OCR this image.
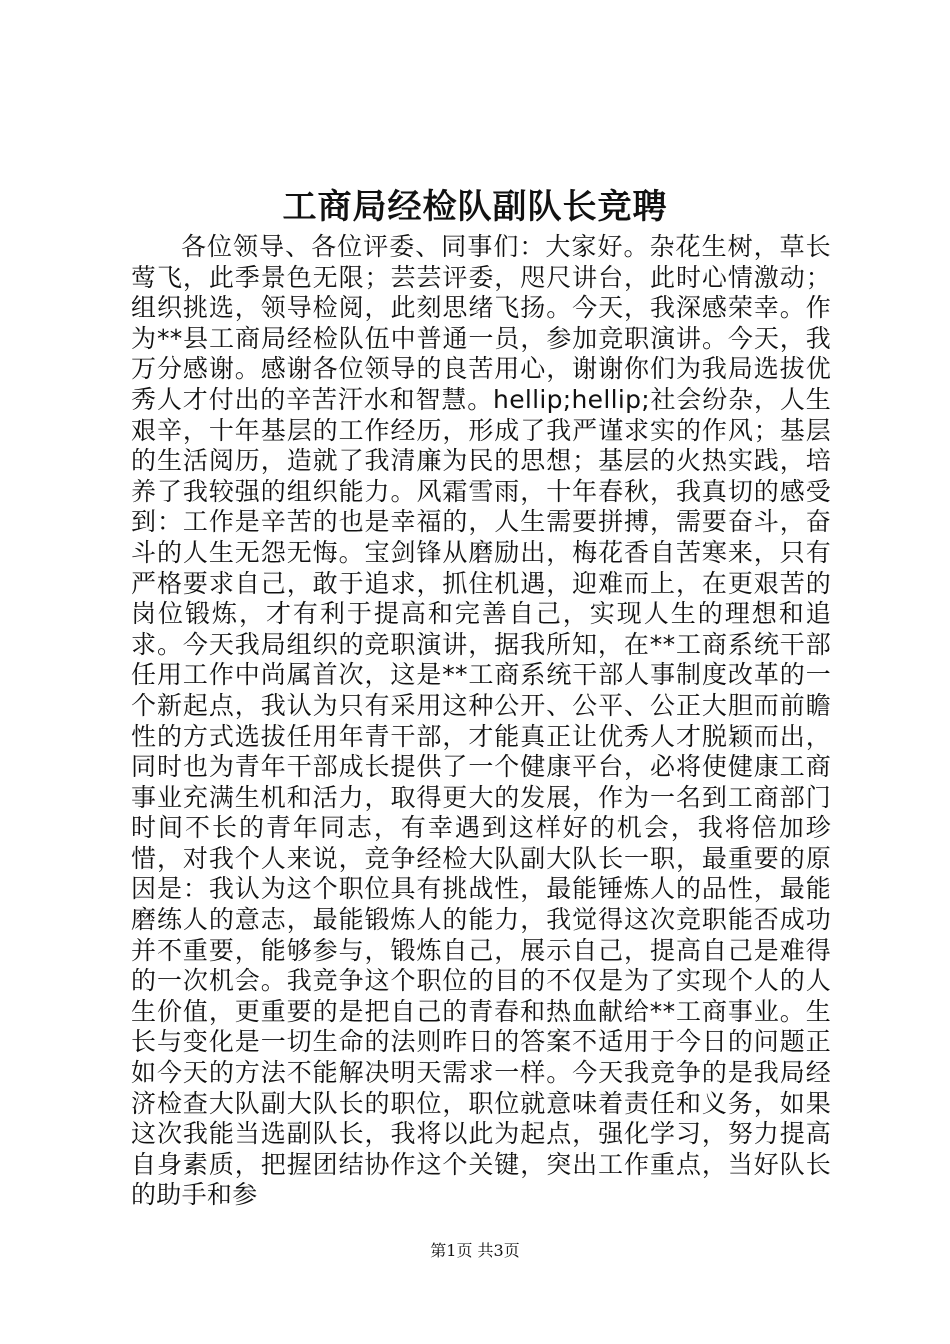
工商局经检队副队长竞聘
各位领导、各位评委、同事们：大家好。杂花生树，草长莺飞，此季景色无限；芸芸评委，咫尺讲台，此时心情激动；组织挑选，领导检阅，此刻思绪飞扬。今天，我深感荣幸。作为**县工商局经检队伍中普通一员，参加竞职演讲。今天，我万分感谢。感谢各位领导的良苦用心，谢谢你们为我局选拔优秀人才付出的辛苦汗水和智慧。hellip;hellip;社会纷杂，人生艰辛，十年基层的工作经历，形成了我严谨求实的作风；基层的生活阅历，造就了我清廉为民的思想；基层的火热实践，培养了我较强的组织能力。风霜雪雨，十年春秋，我真切的感受到：工作是辛苦的也是幸福的，人生需要拼搏，需要奋斗，奋斗的人生无怨无悔。宝剑锋从磨励出，梅花香自苦寒来，只有严格要求自己，敢于追求，抓住机遇，迎难而上，在更艰苦的岗位锻炼，才有利于提高和完善自己，实现人生的理想和追求。今天我局组织的竞职演讲，据我所知，在**工商系统干部任用工作中尚属首次，这是**工商系统干部人事制度改革的一个新起点，我认为只有采用这种公开、公平、公正大胆而前瞻性的方式选拔任用年青干部，才能真正让优秀人才脱颖而出，同时也为青年干部成长提供了一个健康平台，必将使健康工商事业充满生机和活力，取得更大的发展，作为一名到工商部门时间不长的青年同志，有幸遇到这样好的机会，我将倍加珍惜，对我个人来说，竞争经检大队副大队长一职，最重要的原因是：我认为这个职位具有挑战性，最能锤炼人的品性，最能磨练人的意志，最能锻炼人的能力，我觉得这次竞职能否成功并不重要，能够参与，锻炼自己，展示自己，提高自己是难得的一次机会。我竞争这个职位的目的不仅是为了实现个人的人生价值，更重要的是把自己的青春和热血献给**工商事业。生长与变化是一切生命的法则昨日的答案不适用于今日的问题正如今天的方法不能解决明天需求一样。今天我竞争的是我局经济检查大队副大队长的职位，职位就意味着责任和义务，如果这次我能当选副队长，我将以此为起点，强化学习，努力提高自身素质，把握团结协作这个关键，突出工作重点，当好队长的助手和参
第1页 共3页
